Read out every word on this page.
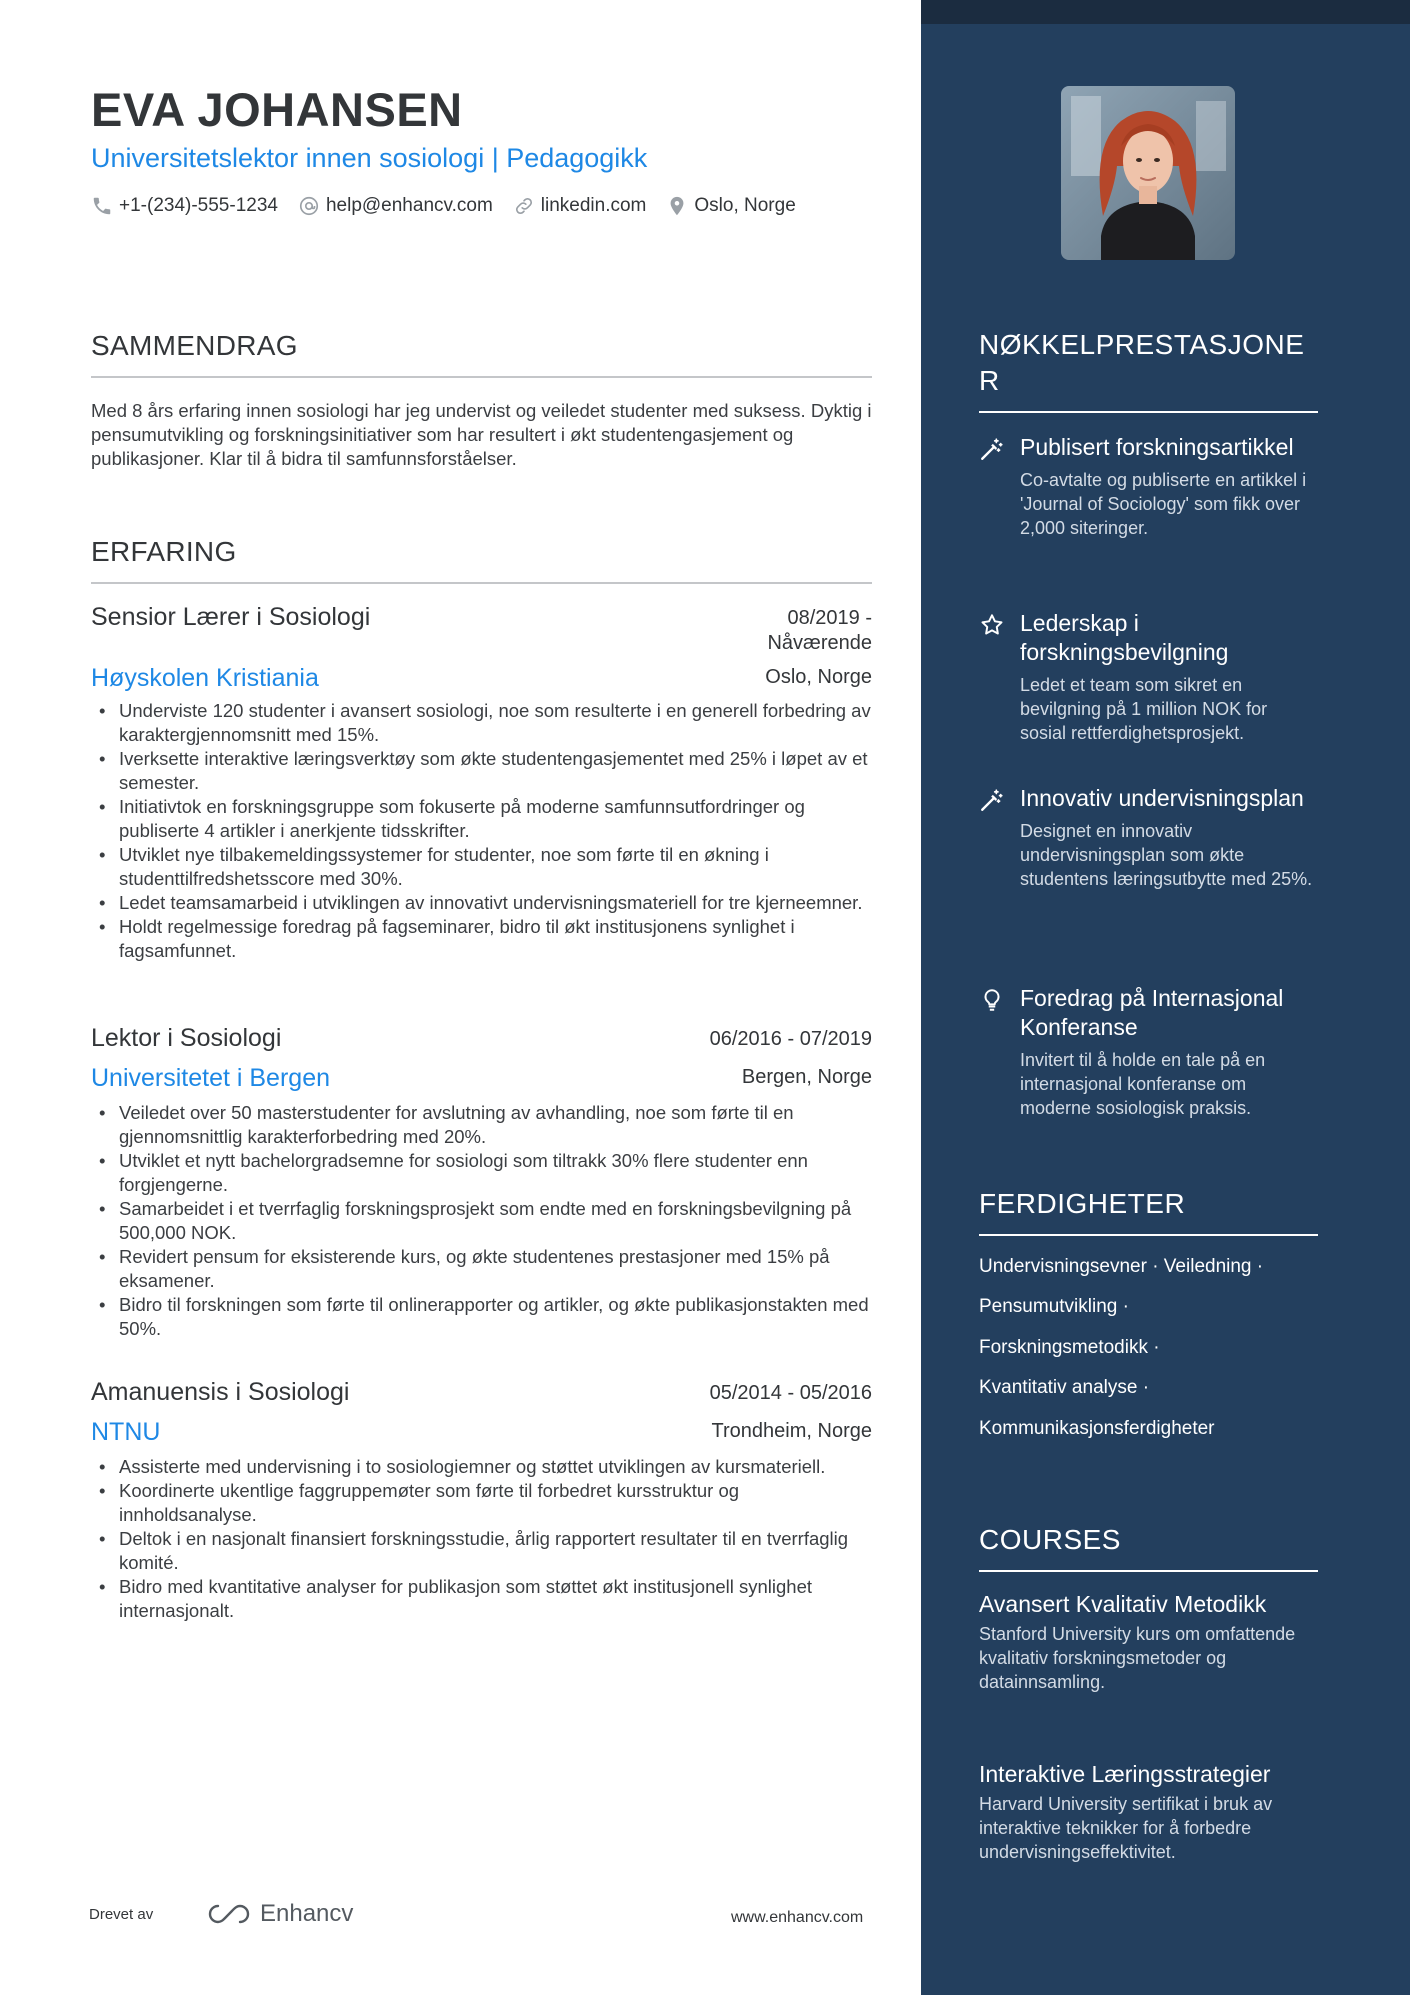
EVA JOHANSEN
Universitetslektor innen sosiologi | Pedagogikk
+1-(234)-555-1234	help@enhancv.com	linkedin.com	Oslo, Norge
SAMMENDRAG
Med 8 års erfaring innen sosiologi har jeg undervist og veiledet studenter med suksess. Dyktig i pensumutvikling og forskningsinitiativer som har resultert i økt studentengasjement og publikasjoner. Klar til å bidra til samfunnsforståelser.
ERFARING
Sensior Lærer i Sosiologi	08/2019 -
Nåværende
Høyskolen Kristiania	Oslo, Norge
• Underviste 120 studenter i avansert sosiologi, noe som resulterte i en generell forbedring av karaktergjennomsnitt med 15%.
• Iverksette interaktive læringsverktøy som økte studentengasjementet med 25% i løpet av et semester.
• Initiativtok en forskningsgruppe som fokuserte på moderne samfunnsutfordringer og publiserte 4 artikler i anerkjente tidsskrifter.
• Utviklet nye tilbakemeldingssystemer for studenter, noe som førte til en økning i studenttilfredshetsscore med 30%.
• Ledet teamsamarbeid i utviklingen av innovativt undervisningsmateriell for tre kjerneemner.
• Holdt regelmessige foredrag på fagseminarer, bidro til økt institusjonens synlighet i fagsamfunnet.
Lektor i Sosiologi	06/2016 - 07/2019
Universitetet i Bergen	Bergen, Norge
• Veiledet over 50 masterstudenter for avslutning av avhandling, noe som førte til en gjennomsnittlig karakterforbedring med 20%.
• Utviklet et nytt bachelorgradsemne for sosiologi som tiltrakk 30% flere studenter enn forgjengerne.
• Samarbeidet i et tverrfaglig forskningsprosjekt som endte med en forskningsbevilgning på 500,000 NOK.
• Revidert pensum for eksisterende kurs, og økte studentenes prestasjoner med 15% på eksamener.
• Bidro til forskningen som førte til onlinerapporter og artikler, og økte publikasjonstakten med 50%.
Amanuensis i Sosiologi	05/2014 - 05/2016
NTNU	Trondheim, Norge
• Assisterte med undervisning i to sosiologiemner og støttet utviklingen av kursmateriell.
• Koordinerte ukentlige faggruppemøter som førte til forbedret kursstruktur og innholdsanalyse.
• Deltok i en nasjonalt finansiert forskningsstudie, årlig rapportert resultater til en tverrfaglig komité.
• Bidro med kvantitative analyser for publikasjon som støttet økt institusjonell synlighet internasjonalt.
Drevet av	Enhancv	www.enhancv.com
NØKKELPRESTASJONE
R
Publisert forskningsartikkel
Co-avtalte og publiserte en artikkel i 'Journal of Sociology' som fikk over 2,000 siteringer.
Lederskap i forskningsbevilgning
Ledet et team som sikret en bevilgning på 1 million NOK for sosial rettferdighetsprosjekt.
Innovativ undervisningsplan
Designet en innovativ undervisningsplan som økte studentens læringsutbytte med 25%.
Foredrag på Internasjonal Konferanse
Invitert til å holde en tale på en internasjonal konferanse om moderne sosiologisk praksis.
FERDIGHETER
Undervisningsevner · Veiledning ·
Pensumutvikling ·
Forskningsmetodikk ·
Kvantitativ analyse ·
Kommunikasjonsferdigheter
COURSES
Avansert Kvalitativ Metodikk
Stanford University kurs om omfattende kvalitativ forskningsmetoder og datainnsamling.
Interaktive Læringsstrategier
Harvard University sertifikat i bruk av interaktive teknikker for å forbedre undervisningseffektivitet.
